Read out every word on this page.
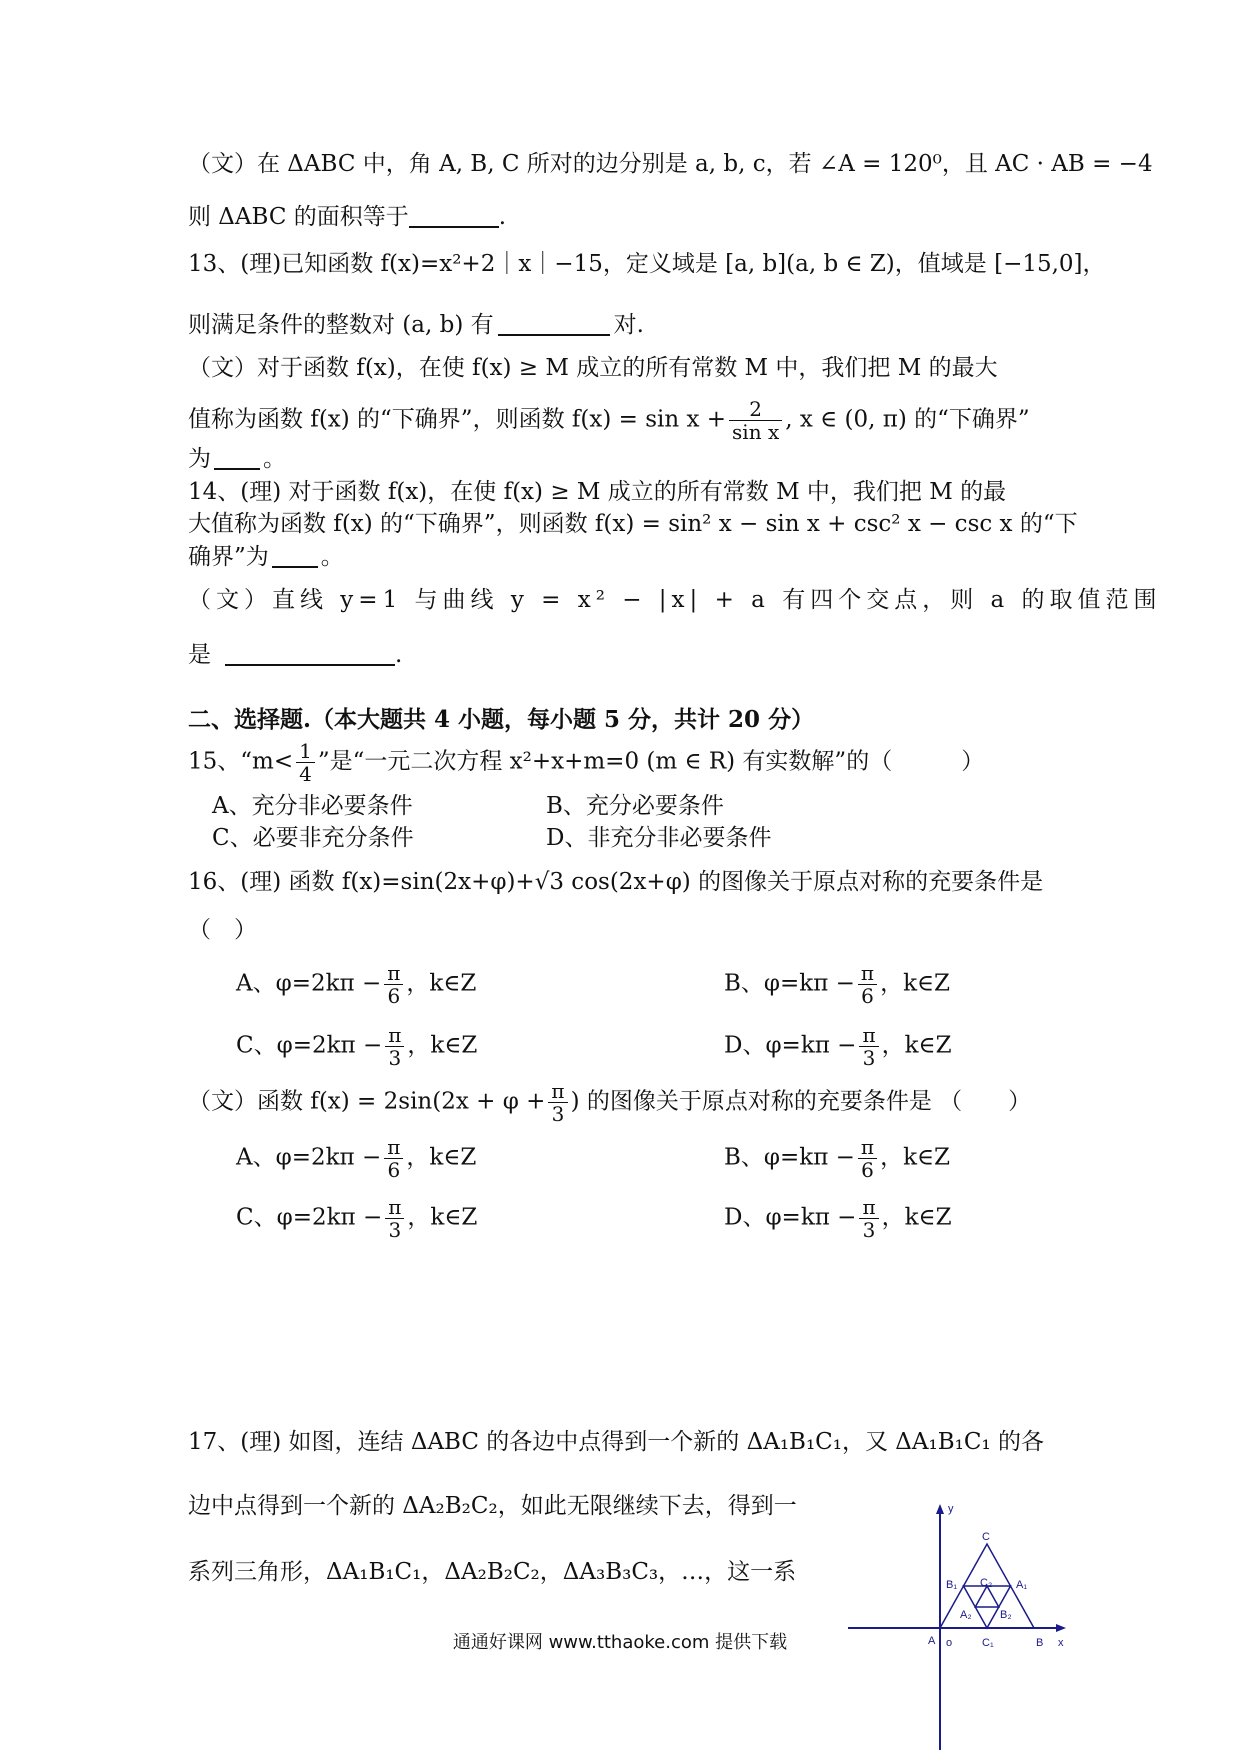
（文）在 ΔABC 中，角 A, B, C 所对的边分别是 a, b, c，若 ∠A = 120⁰，且 AC · AB = −4
则 ΔABC 的面积等于	.
13、(理)已知函数 f(x)=x²+2｜x｜−15，定义域是 [a, b](a, b ∈ Z)，值域是 [−15,0]，
则满足条件的整数对 (a, b) 有	对.
（文）对于函数 f(x)，在使 f(x) ≥ M 成立的所有常数 M 中，我们把 M 的最大
值称为函数 f(x) 的“下确界”，则函数 $f(x) = \sin x + \frac{2}{\text{sin x}}$ , x ∈ (0, π) 的“下确界”
为 。
14、(理) 对于函数 f(x)，在使 f(x) ≥ M 成立的所有常数 M 中，我们把 M 的最
大值称为函数 f(x) 的“下确界”，则函数 f(x) = sin² x − sin x + csc² x − csc x 的“下
确界”为 。
（文）直线 y=1 与曲线 y = x² − |x| + a 有四个交点，则 a 的取值范围
是	.
二、选择题.（本大题共 4 小题，每小题 5 分，共计 20 分）
15、“$m< \frac{1}{4}$ ”是“一元二次方程 x²+x+m=0 (m ∈ R) 有实数解”的（　　　）
A、充分非必要条件	B、充分必要条件
C、必要非充分条件	D、非充分非必要条件
16、(理) 函数 f(x)=sin(2x+φ)+√3 cos(2x+φ) 的图像关于原点对称的充要条件是
（　）
A、$\varphi=2k\pi - \frac{\pi}{6}$ ，k∈Z	B、$\varphi=k\pi - \frac{\pi}{6}$ ，k∈Z
C、$\varphi=2k\pi - \frac{\pi}{3}$ ，k∈Z	D、$\varphi=k\pi - \frac{\pi}{3}$ ，k∈Z
（文）函数 $f(x) = 2\sin(2x + \varphi + \frac{\pi}{3}$ ) 的图像关于原点对称的充要条件是 （　　）
A、$\varphi=2k\pi - \frac{\pi}{6}$ ，k∈Z	B、$\varphi=k\pi - \frac{\pi}{6}$ ，k∈Z
C、$\varphi=2k\pi - \frac{\pi}{3}$ ，k∈Z	D、$\varphi=k\pi - \frac{\pi}{3}$ ，k∈Z
17、(理) 如图，连结 ΔABC 的各边中点得到一个新的 ΔA₁B₁C₁，又 ΔA₁B₁C₁ 的各
边中点得到一个新的 ΔA₂B₂C₂，如此无限继续下去，得到一
系列三角形，ΔA₁B₁C₁，ΔA₂B₂C₂，ΔA₃B₃C₃，…，这一系
y
x
A o	B
C
A₁
B₁
C₁
A₂	B₂
C₂
通通好课网 www.tthaoke.com 提供下载
